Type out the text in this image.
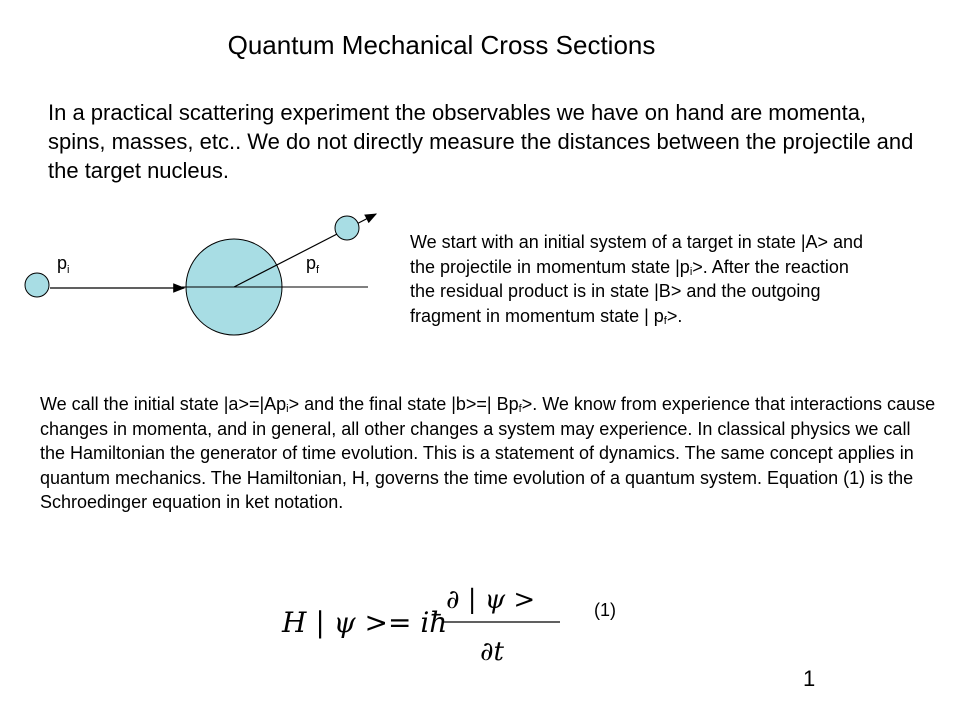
Quantum Mechanical Cross Sections
In a practical scattering experiment the observables we have on hand are momenta, spins, masses, etc.. We do not directly measure the distances between the projectile and the target nucleus.
$p_i$	$p_f$
We start with an initial system of a target in state |A> and the projectile in momentum state $|p_i>$. After the reaction the residual product is in state |B> and the outgoing fragment in momentum state | $p_f>$.
We call the initial state $|a>=|Ap_i>$ and the final state |b>=| $Bp_f>$. We know from experience that interactions cause changes in momenta, and in general, all other changes a system may experience. In classical physics we call the Hamiltonian the generator of time evolution. This is a statement of dynamics. The same concept applies in quantum mechanics. The Hamiltonian, H, governs the time evolution of a quantum system. Equation (1) is the Schroedinger equation in ket notation.
H | ψ >= iħ
∂ | ψ >
∂t
(1)
1
